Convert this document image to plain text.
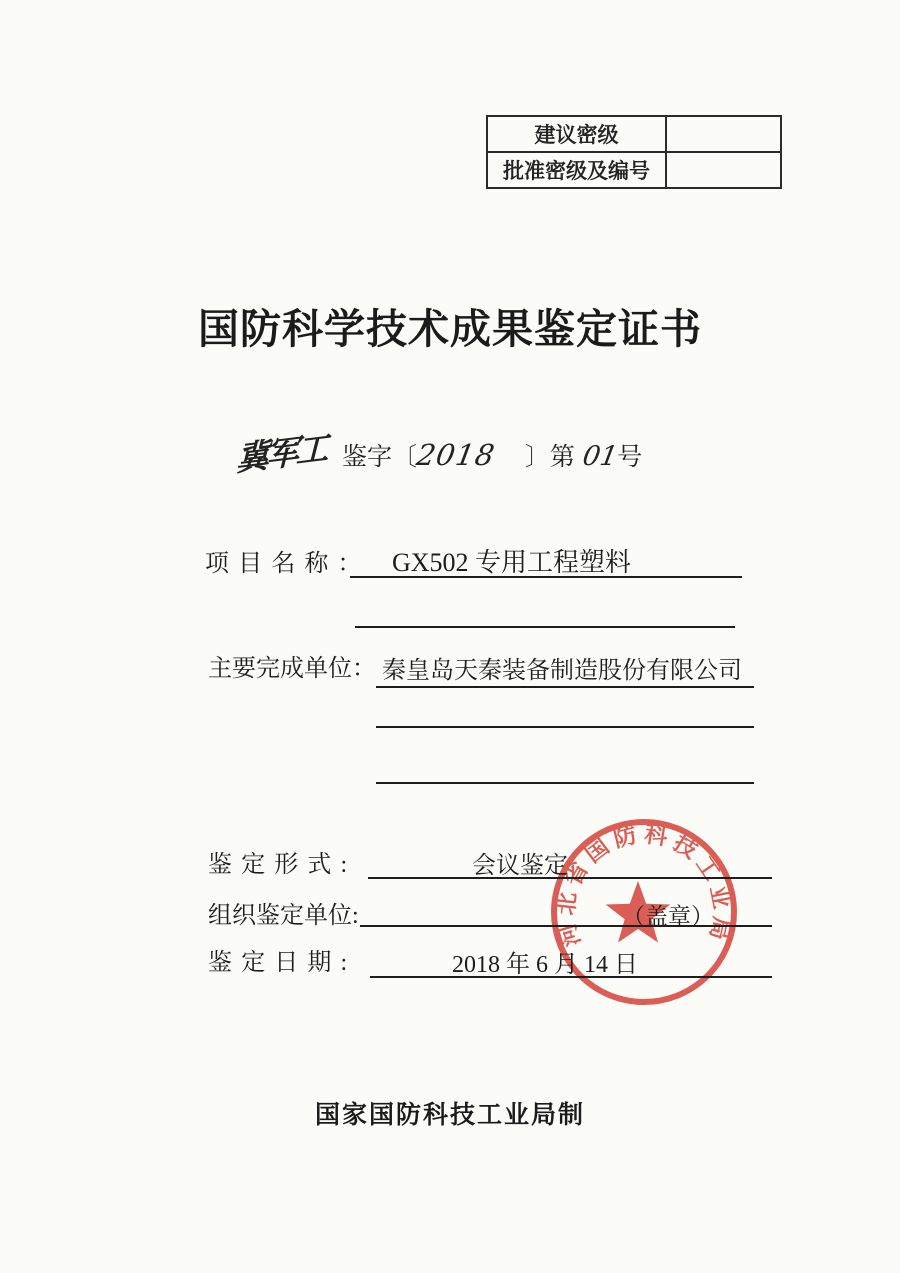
建议密级	
批准密级及编号	
国防科学技术成果鉴定证书
冀军工 鉴字〔
2018 〕第 01
号
项目名称： GX502 专用工程塑料
主要完成单位： 秦皇岛天秦装备制造股份有限公司
鉴定形式:	会议鉴定
组织鉴定单位:	（盖章）
鉴定日期:	2018 年 6 月 14 日
河北省国防科技工业局
国家国防科技工业局制
